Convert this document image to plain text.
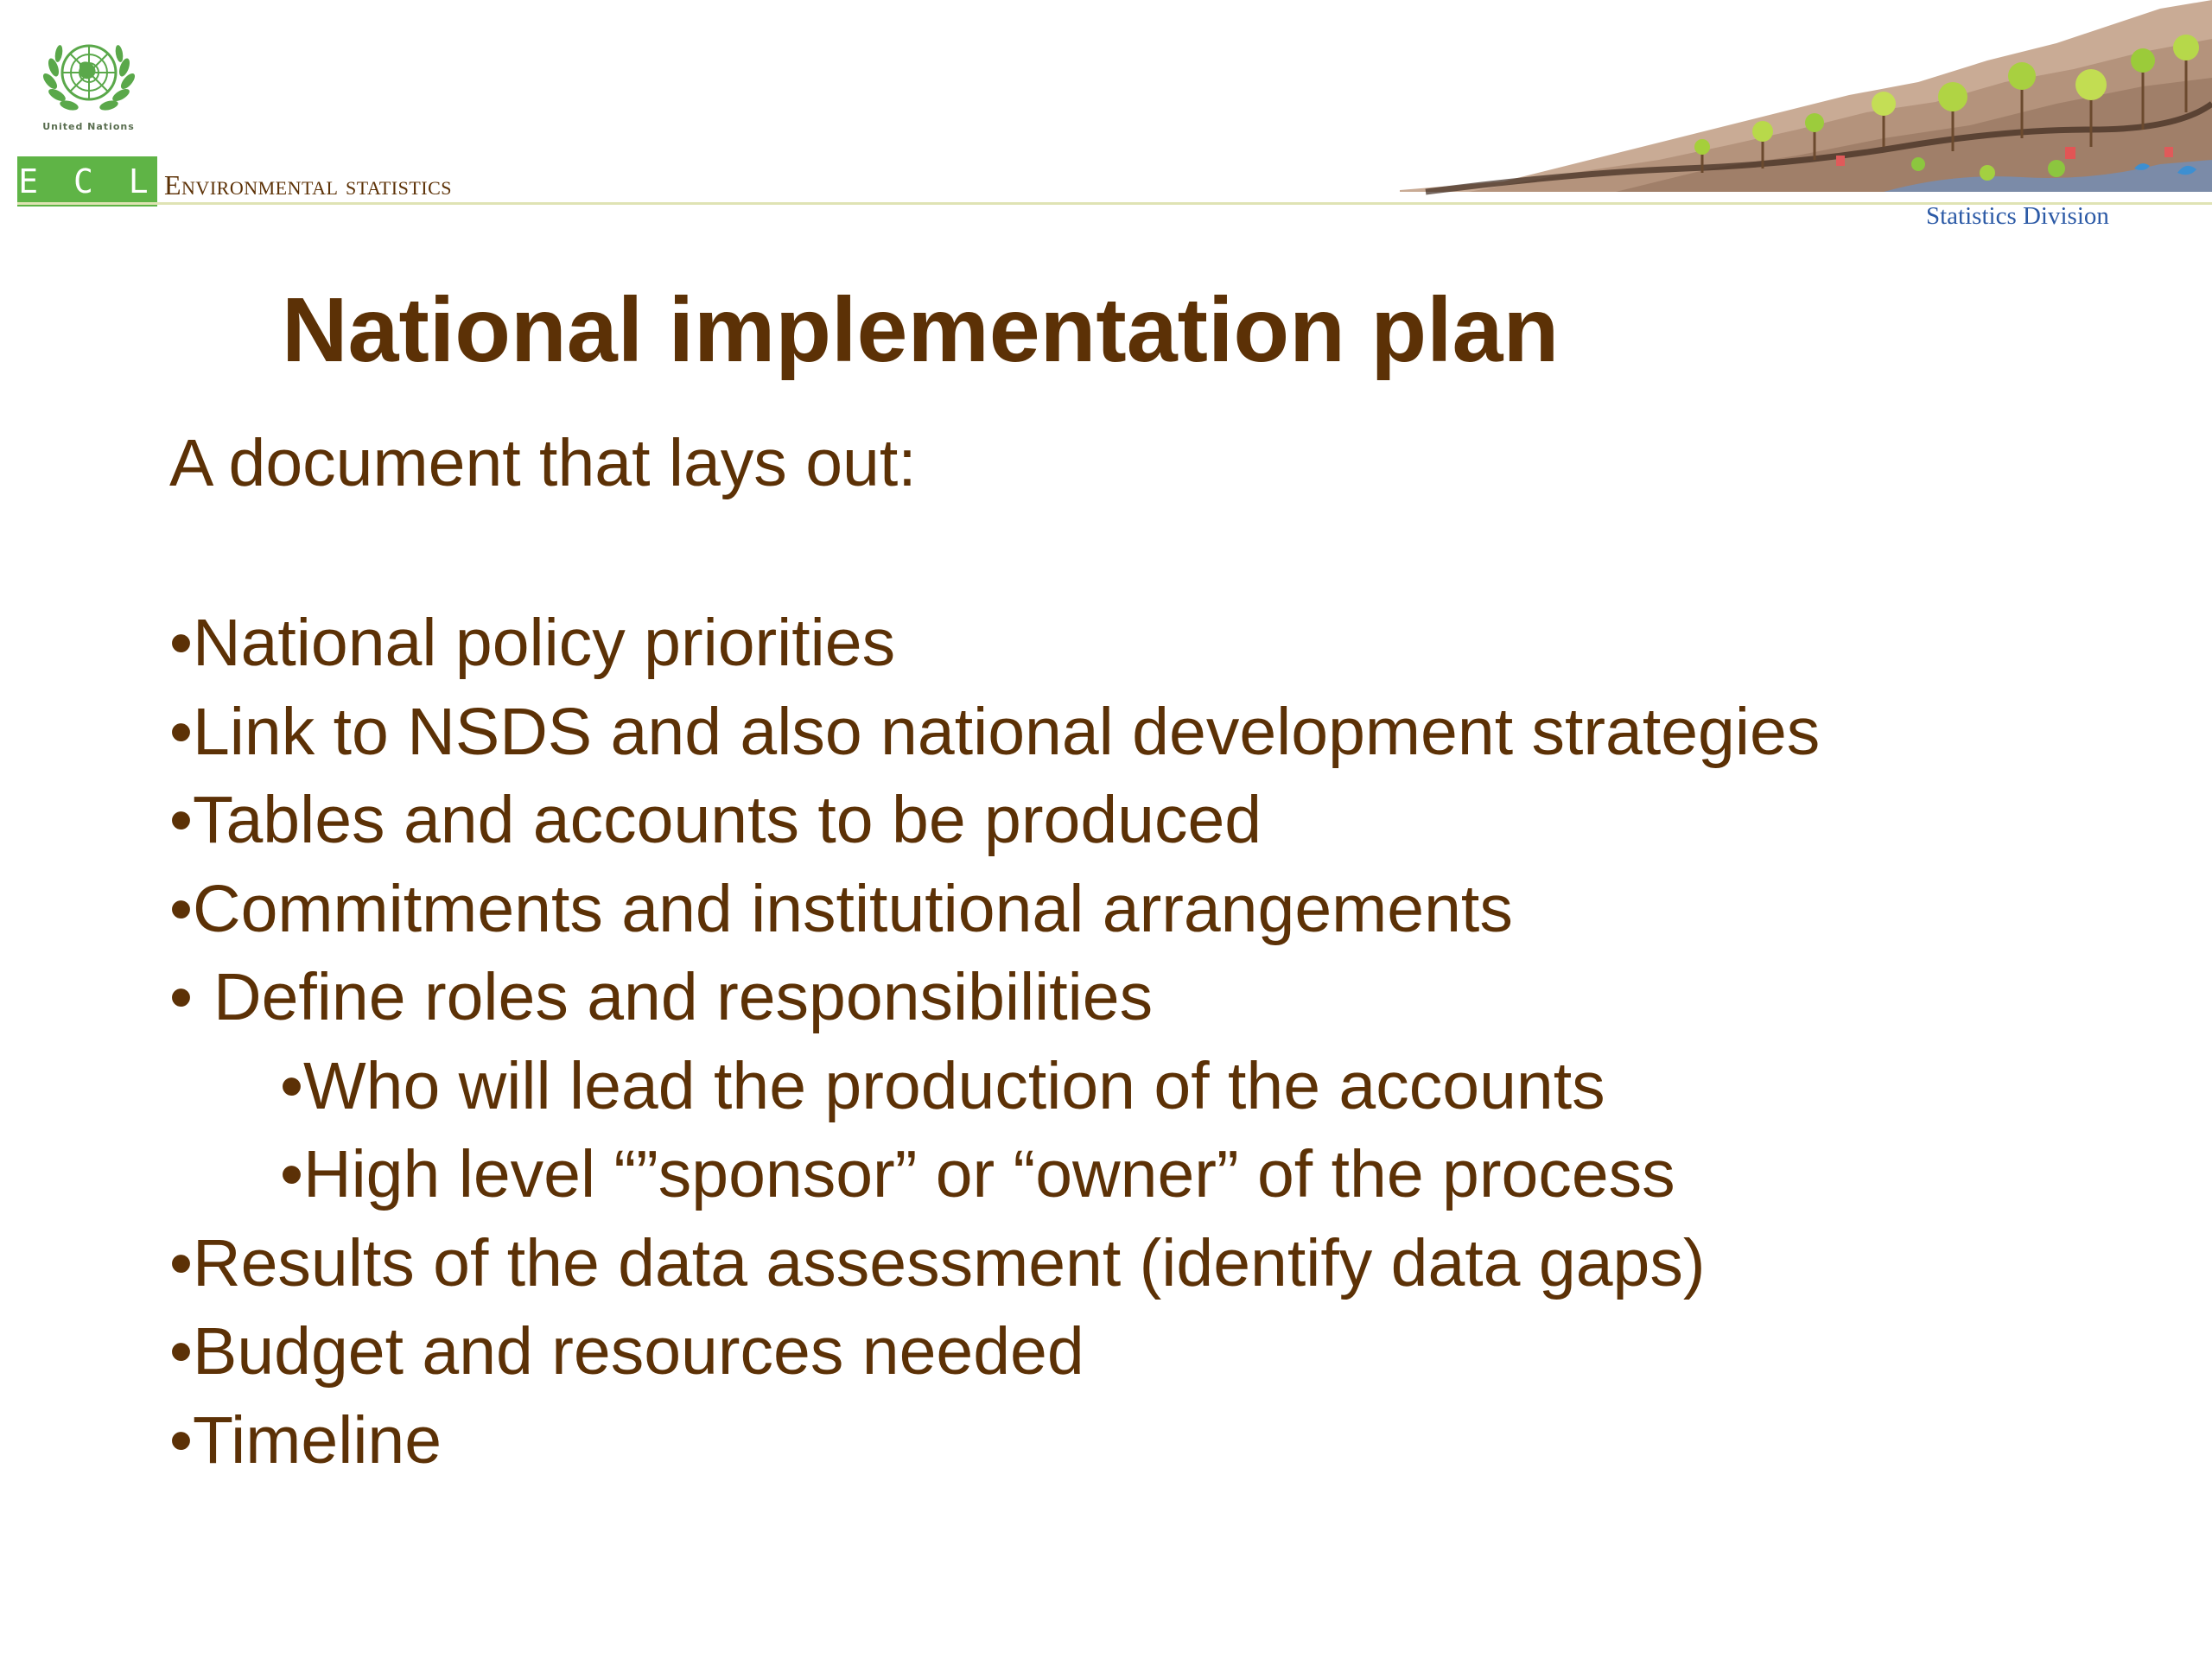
United Nations
E C L A C
Environmental statistics
Statistics Division
National implementation plan
A document that lays out:
•National policy priorities
•Link to NSDS and also national development strategies
•Tables and accounts to be produced
•Commitments and institutional arrangements
• Define roles and responsibilities
•Who will lead the production of the accounts
•High level “”sponsor” or “owner” of the process
•Results of the data assessment (identify data gaps)
•Budget and resources needed
•Timeline
